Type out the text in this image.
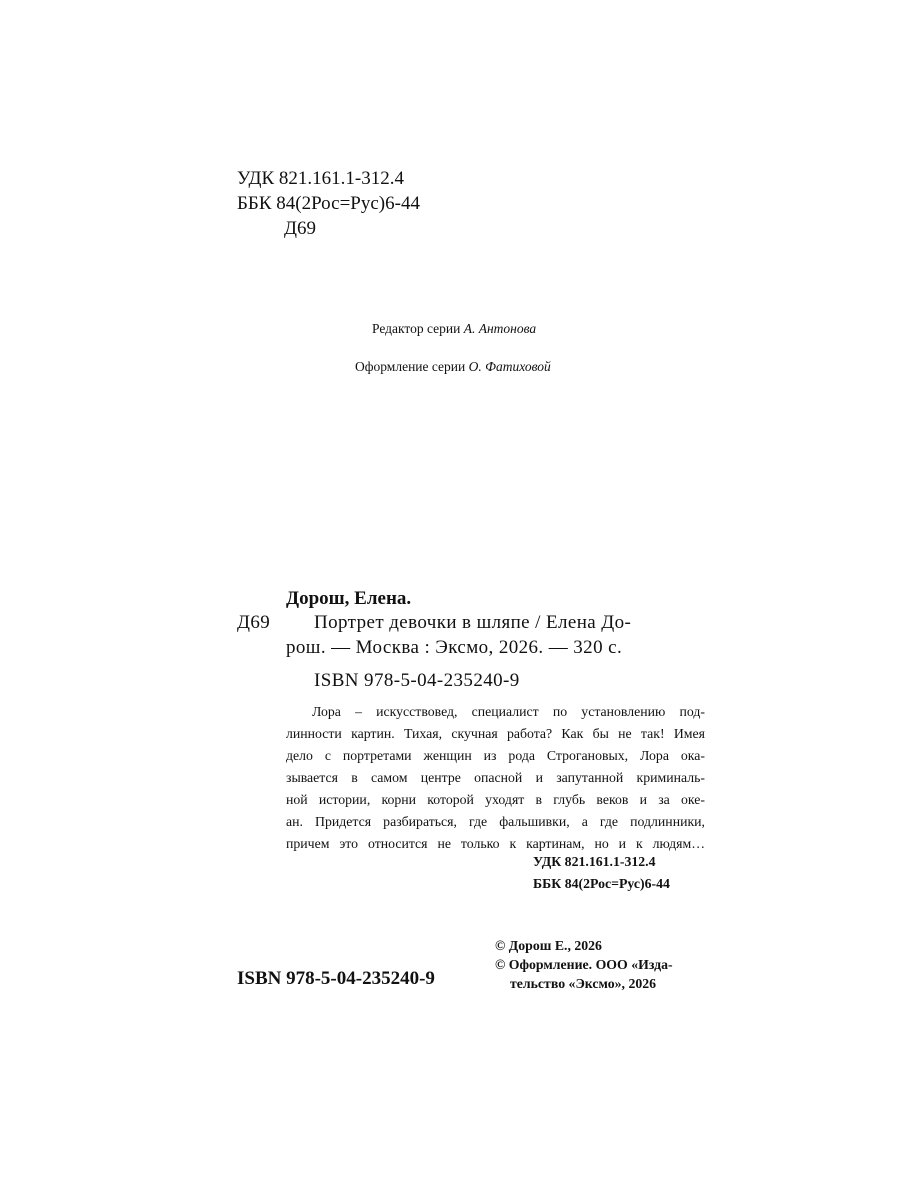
УДК 821.161.1-312.4
ББК 84(2Рос=Рус)6-44
Д69
Редактор серии А. Антонова
Оформление серии О. Фатиховой
Дорош, Елена.
Д69 Портрет девочки в шляпе / Елена До-
рош. — Москва : Эксмо, 2026. — 320 с.
ISBN 978-5-04-235240-9
Лора – искусствовед, специалист по установлению под-
линности картин. Тихая, скучная работа? Как бы не так! Имея
дело с портретами женщин из рода Строгановых, Лора ока-
зывается в самом центре опасной и запутанной криминаль-
ной истории, корни которой уходят в глубь веков и за оке-
ан. Придется разбираться, где фальшивки, а где подлинники,
причем это относится не только к картинам, но и к людям…
УДК 821.161.1-312.4
ББК 84(2Рос=Рус)6-44
© Дорош Е., 2026
© Оформление. ООО «Изда-
тельство «Эксмо», 2026
ISBN 978-5-04-235240-9
